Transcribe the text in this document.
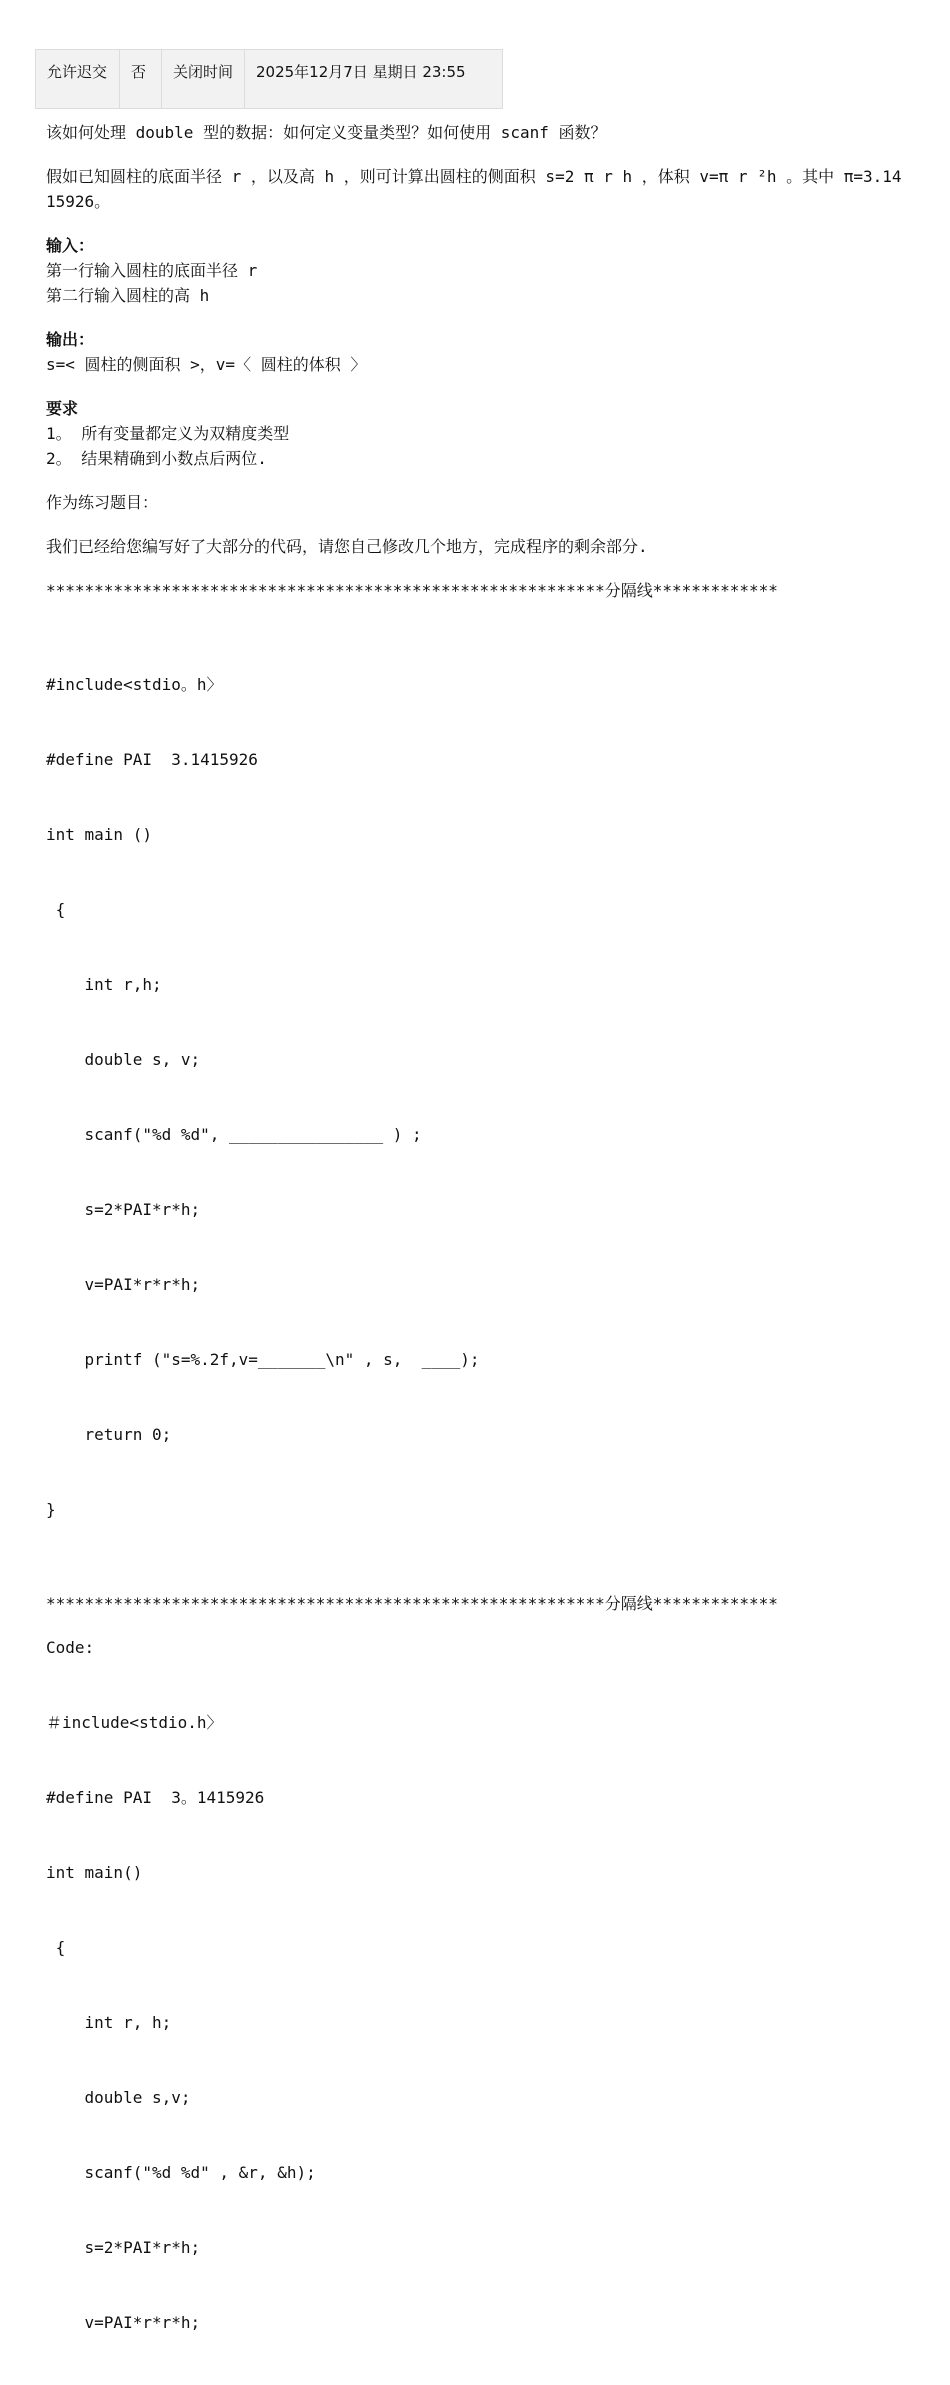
允许迟交	否	关闭时间	2025年12月7日 星期日 23:55
该如何处理 double 型的数据：如何定义变量类型？如何使用 scanf 函数？
假如已知圆柱的底面半径 r ，以及高 h ，则可计算出圆柱的侧面积 s=2 π r h ，体积 v=π r ²h 。其中 π=3.1415926。
输入：
第一行输入圆柱的底面半径 r
第二行输入圆柱的高 h
输出：
s=< 圆柱的侧面积 >，v=〈 圆柱的体积 〉
要求
1。 所有变量都定义为双精度类型
2。 结果精确到小数点后两位.
作为练习题目：
我们已经给您编写好了大部分的代码，请您自己修改几个地方，完成程序的剩余部分.
**********************************************************分隔线*************

#include<stdio。h〉

#define PAI  3.1415926

int main ()

{

int r,h;

double s, v;

scanf("%d %d", ________________ ) ;

s=2*PAI*r*h;

v=PAI*r*r*h;

printf ("s=%.2f,v=_______\n" , s,  ____);

return 0;

}

**********************************************************分隔线*************
Code:

＃include<stdio.h〉

#define PAI  3。1415926

int main()

{

int r, h;

double s,v;

scanf("%d %d" , &r, &h);

s=2*PAI*r*h;

v=PAI*r*r*h;
